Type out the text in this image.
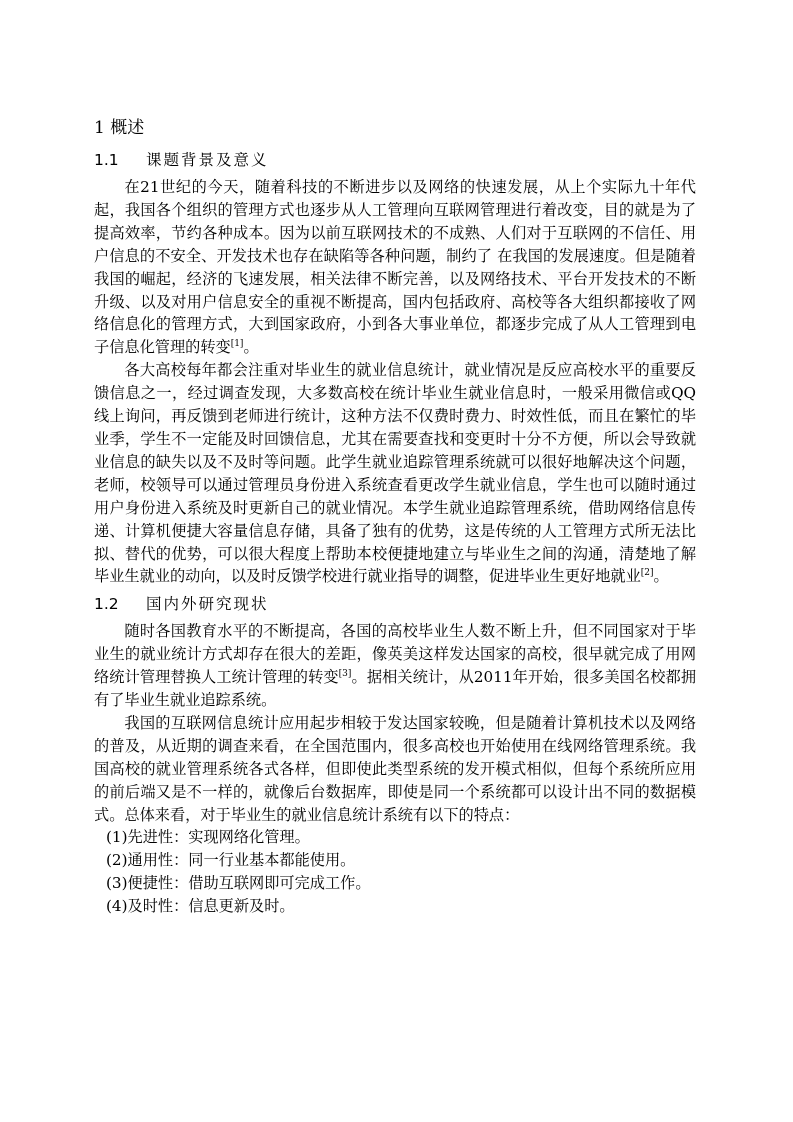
1 概述
1.1 课题背景及意义

在21世纪的今天，随着科技的不断进步以及网络的快速发展，从上个实际九十年代起，我国各个组织的管理方式也逐步从人工管理向互联网管理进行着改变，目的就是为了提高效率，节约各种成本。因为以前互联网技术的不成熟、人们对于互联网的不信任、用户信息的不安全、开发技术也存在缺陷等各种问题，制约了 在我国的发展速度。但是随着我国的崛起，经济的飞速发展，相关法律不断完善，以及网络技术、平台开发技术的不断升级、以及对用户信息安全的重视不断提高，国内包括政府、高校等各大组织都接收了网络信息化的管理方式，大到国家政府，小到各大事业单位，都逐步完成了从人工管理到电子信息化管理的转变[1]。

各大高校每年都会注重对毕业生的就业信息统计，就业情况是反应高校水平的重要反馈信息之一，经过调查发现，大多数高校在统计毕业生就业信息时，一般采用微信或QQ线上询问，再反馈到老师进行统计，这种方法不仅费时费力、时效性低，而且在繁忙的毕业季，学生不一定能及时回馈信息，尤其在需要查找和变更时十分不方便，所以会导致就业信息的缺失以及不及时等问题。此学生就业追踪管理系统就可以很好地解决这个问题，老师，校领导可以通过管理员身份进入系统查看更改学生就业信息，学生也可以随时通过用户身份进入系统及时更新自己的就业情况。本学生就业追踪管理系统，借助网络信息传递、计算机便捷大容量信息存储，具备了独有的优势，这是传统的人工管理方式所无法比拟、替代的优势，可以很大程度上帮助本校便捷地建立与毕业生之间的沟通，清楚地了解毕业生就业的动向，以及时反馈学校进行就业指导的调整，促进毕业生更好地就业[2]。

1.2 国内外研究现状

随时各国教育水平的不断提高，各国的高校毕业生人数不断上升，但不同国家对于毕业生的就业统计方式却存在很大的差距，像英美这样发达国家的高校，很早就完成了用网络统计管理替换人工统计管理的转变[3]。据相关统计，从2011年开始，很多美国名校都拥有了毕业生就业追踪系统。

我国的互联网信息统计应用起步相较于发达国家较晚，但是随着计算机技术以及网络的普及，从近期的调查来看，在全国范围内，很多高校也开始使用在线网络管理系统。我国高校的就业管理系统各式各样，但即使此类型系统的发开模式相似，但每个系统所应用的前后端又是不一样的，就像后台数据库，即使是同一个系统都可以设计出不同的数据模式。总体来看，对于毕业生的就业信息统计系统有以下的特点：

(1)先进性：实现网络化管理。

(2)通用性：同一行业基本都能使用。

(3)便捷性：借助互联网即可完成工作。

(4)及时性：信息更新及时。
